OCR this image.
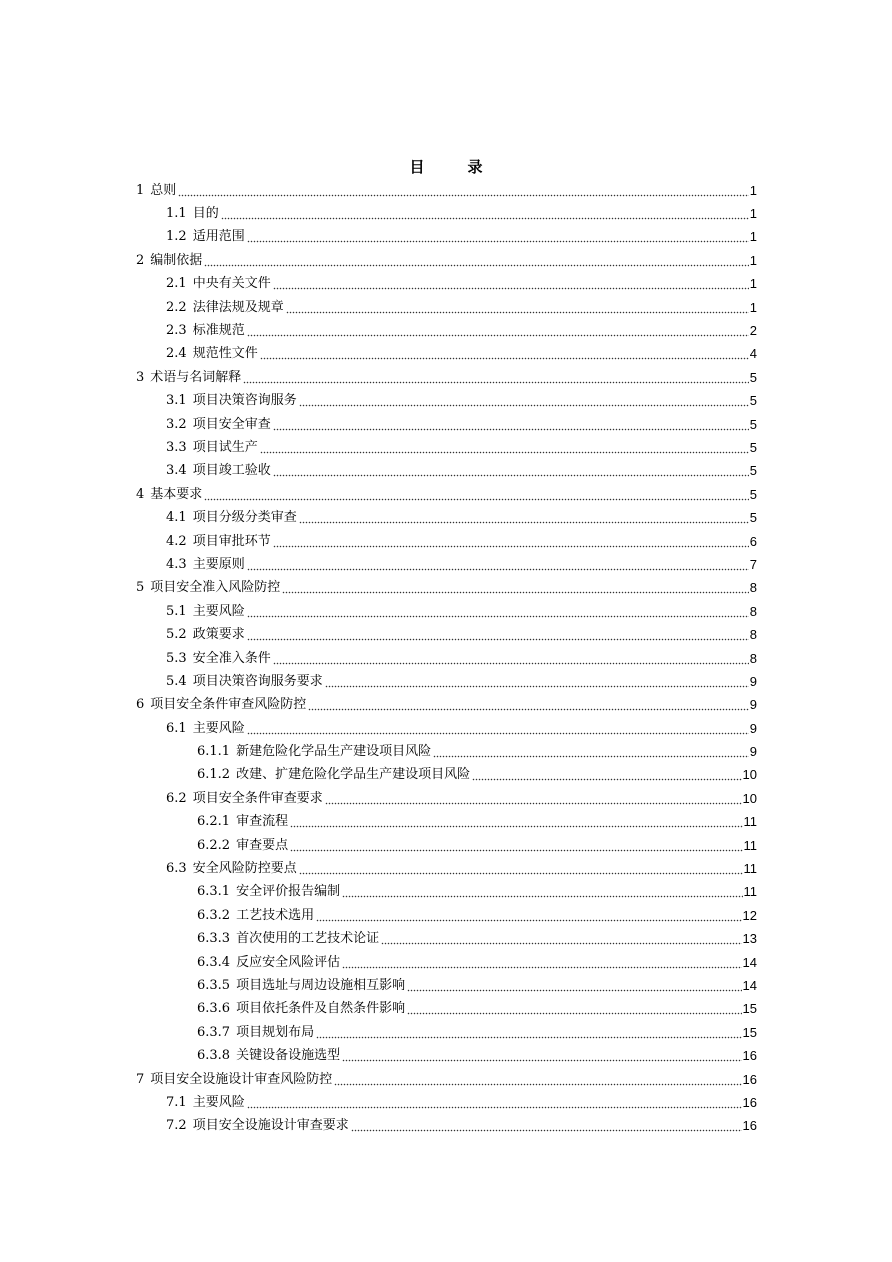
目　录
1 总则	1
1.1 目的	1
1.2 适用范围	1
2 编制依据	1
2.1 中央有关文件	1
2.2 法律法规及规章	1
2.3 标准规范	2
2.4 规范性文件	4
3 术语与名词解释	5
3.1 项目决策咨询服务	5
3.2 项目安全审查	5
3.3 项目试生产	5
3.4 项目竣工验收	5
4 基本要求	5
4.1 项目分级分类审查	5
4.2 项目审批环节	6
4.3 主要原则	7
5 项目安全准入风险防控	8
5.1 主要风险	8
5.2 政策要求	8
5.3 安全准入条件	8
5.4 项目决策咨询服务要求	9
6 项目安全条件审查风险防控	9
6.1 主要风险	9
6.1.1 新建危险化学品生产建设项目风险	9
6.1.2 改建、扩建危险化学品生产建设项目风险	10
6.2 项目安全条件审查要求	10
6.2.1 审查流程	11
6.2.2 审查要点	11
6.3 安全风险防控要点	11
6.3.1 安全评价报告编制	11
6.3.2 工艺技术选用	12
6.3.3 首次使用的工艺技术论证	13
6.3.4 反应安全风险评估	14
6.3.5 项目选址与周边设施相互影响	14
6.3.6 项目依托条件及自然条件影响	15
6.3.7 项目规划布局	15
6.3.8 关键设备设施选型	16
7 项目安全设施设计审查风险防控	16
7.1 主要风险	16
7.2 项目安全设施设计审查要求	16
